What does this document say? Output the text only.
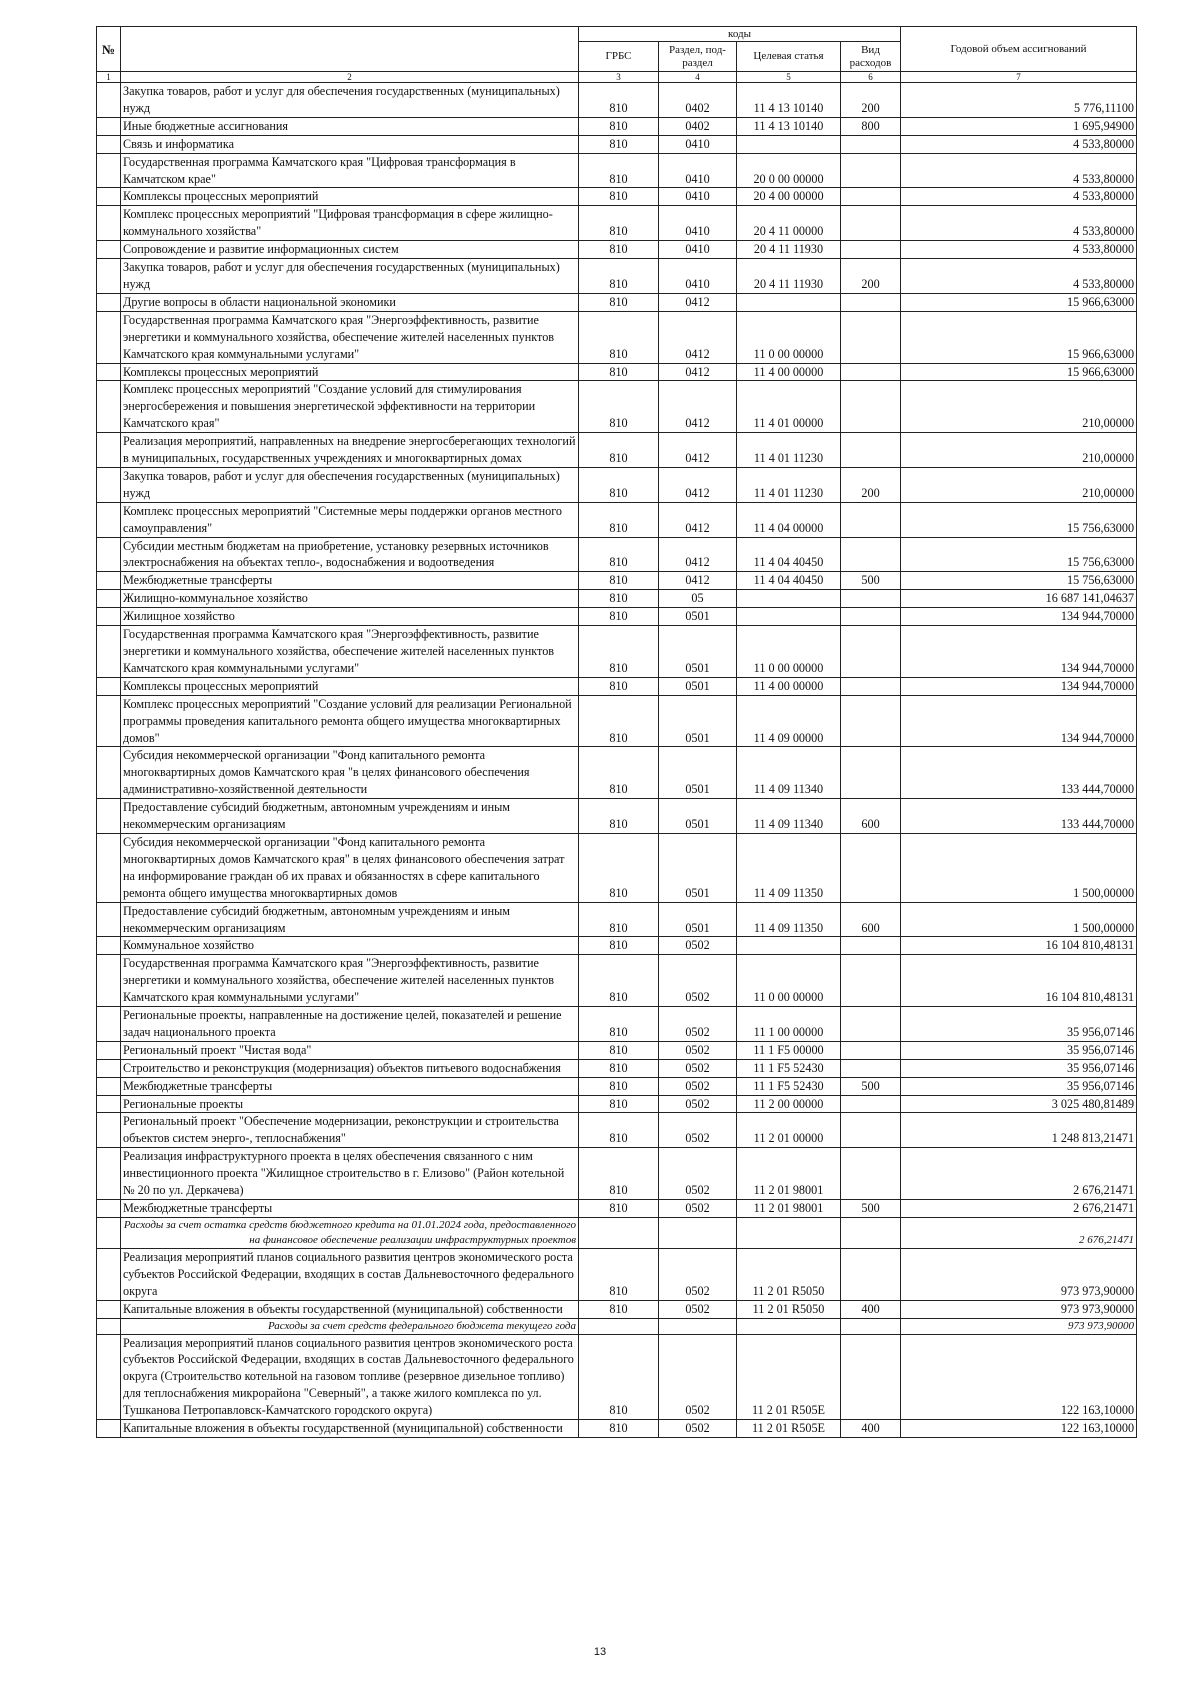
№		коды				Годовой объем ассигнований
		ГРБС	Раздел, под-раздел	Целевая статья	Вид расходов	
1	2	3	4	5	6	7
	Закупка товаров, работ и услуг для обеспечения государственных (муниципальных) нужд	810	0402	11 4 13 10140	200	5 776,11100
	Иные бюджетные ассигнования	810	0402	11 4 13 10140	800	1 695,94900
	Связь и информатика	810	0410			4 533,80000
	Государственная программа Камчатского края "Цифровая трансформация в Камчатском крае"	810	0410	20 0 00 00000		4 533,80000
	Комплексы процессных мероприятий	810	0410	20 4 00 00000		4 533,80000
	Комплекс процессных мероприятий "Цифровая трансформация в сфере жилищно-коммунального хозяйства"	810	0410	20 4 11 00000		4 533,80000
	Сопровождение и развитие информационных систем	810	0410	20 4 11 11930		4 533,80000
	Закупка товаров, работ и услуг для обеспечения государственных (муниципальных) нужд	810	0410	20 4 11 11930	200	4 533,80000
	Другие вопросы в области национальной экономики	810	0412			15 966,63000
	Государственная программа Камчатского края "Энергоэффективность, развитие энергетики и коммунального хозяйства, обеспечение жителей населенных пунктов Камчатского края коммунальными услугами"	810	0412	11 0 00 00000		15 966,63000
	Комплексы процессных мероприятий	810	0412	11 4 00 00000		15 966,63000
	Комплекс процессных мероприятий "Создание условий для стимулирования энергосбережения и повышения энергетической эффективности на территории Камчатского края"	810	0412	11 4 01 00000		210,00000
	Реализация мероприятий, направленных на внедрение энергосберегающих технологий в муниципальных, государственных учреждениях и многоквартирных домах	810	0412	11 4 01 11230		210,00000
	Закупка товаров, работ и услуг для обеспечения государственных (муниципальных) нужд	810	0412	11 4 01 11230	200	210,00000
	Комплекс процессных мероприятий "Системные меры поддержки органов местного самоуправления"	810	0412	11 4 04 00000		15 756,63000
	Субсидии местным бюджетам на приобретение, установку резервных источников электроснабжения на объектах тепло-, водоснабжения и водоотведения	810	0412	11 4 04 40450		15 756,63000
	Межбюджетные трансферты	810	0412	11 4 04 40450	500	15 756,63000
	Жилищно-коммунальное хозяйство	810	05			16 687 141,04637
	Жилищное хозяйство	810	0501			134 944,70000
	Государственная программа Камчатского края "Энергоэффективность, развитие энергетики и коммунального хозяйства, обеспечение жителей населенных пунктов Камчатского края коммунальными услугами"	810	0501	11 0 00 00000		134 944,70000
	Комплексы процессных мероприятий	810	0501	11 4 00 00000		134 944,70000
	Комплекс процессных мероприятий "Создание условий для реализации Региональной программы проведения капитального ремонта общего имущества многоквартирных домов"	810	0501	11 4 09 00000		134 944,70000
	Субсидия некоммерческой организации "Фонд капитального ремонта многоквартирных домов Камчатского края "в целях финансового обеспечения административно-хозяйственной деятельности	810	0501	11 4 09 11340		133 444,70000
	Предоставление субсидий бюджетным, автономным учреждениям и иным некоммерческим организациям	810	0501	11 4 09 11340	600	133 444,70000
	Субсидия некоммерческой организации "Фонд капитального ремонта многоквартирных домов Камчатского края" в целях финансового обеспечения затрат на информирование граждан об их правах и обязанностях в сфере капитального ремонта общего имущества многоквартирных домов	810	0501	11 4 09 11350		1 500,00000
	Предоставление субсидий бюджетным, автономным учреждениям и иным некоммерческим организациям	810	0501	11 4 09 11350	600	1 500,00000
	Коммунальное хозяйство	810	0502			16 104 810,48131
	Государственная программа Камчатского края "Энергоэффективность, развитие энергетики и коммунального хозяйства, обеспечение жителей населенных пунктов Камчатского края коммунальными услугами"	810	0502	11 0 00 00000		16 104 810,48131
	Региональные проекты, направленные на достижение целей, показателей и решение задач национального проекта	810	0502	11 1 00 00000		35 956,07146
	Региональный проект "Чистая вода"	810	0502	11 1 F5 00000		35 956,07146
	Строительство и реконструкция (модернизация) объектов питьевого водоснабжения	810	0502	11 1 F5 52430		35 956,07146
	Межбюджетные трансферты	810	0502	11 1 F5 52430	500	35 956,07146
	Региональные проекты	810	0502	11 2 00 00000		3 025 480,81489
	Региональный проект "Обеспечение модернизации, реконструкции и строительства объектов систем энерго-, теплоснабжения"	810	0502	11 2 01 00000		1 248 813,21471
	Реализация инфраструктурного проекта в целях обеспечения связанного с ним инвестиционного проекта "Жилищное строительство в г. Елизово" (Район котельной № 20 по ул. Деркачева)	810	0502	11 2 01 98001		2 676,21471
	Межбюджетные трансферты	810	0502	11 2 01 98001	500	2 676,21471
	Расходы за счет остатка средств бюджетного кредита на 01.01.2024 года, предоставленного на финансовое обеспечение реализации инфраструктурных проектов					2 676,21471
	Реализация мероприятий планов социального развития центров экономического роста субъектов Российской Федерации, входящих в состав Дальневосточного федерального округа	810	0502	11 2 01 R5050		973 973,90000
	Капитальные вложения в объекты государственной (муниципальной) собственности	810	0502	11 2 01 R5050	400	973 973,90000
	Расходы за счет средств федерального бюджета текущего года					973 973,90000
	Реализация мероприятий планов социального развития центров экономического роста субъектов Российской Федерации, входящих в состав Дальневосточного федерального округа (Строительство котельной на газовом топливе (резервное дизельное топливо) для теплоснабжения микрорайона "Северный", а также жилого комплекса по ул. Тушканова Петропавловск-Камчатского городского округа)	810	0502	11 2 01 R505E		122 163,10000
	Капитальные вложения в объекты государственной (муниципальной) собственности	810	0502	11 2 01 R505E	400	122 163,10000
13
